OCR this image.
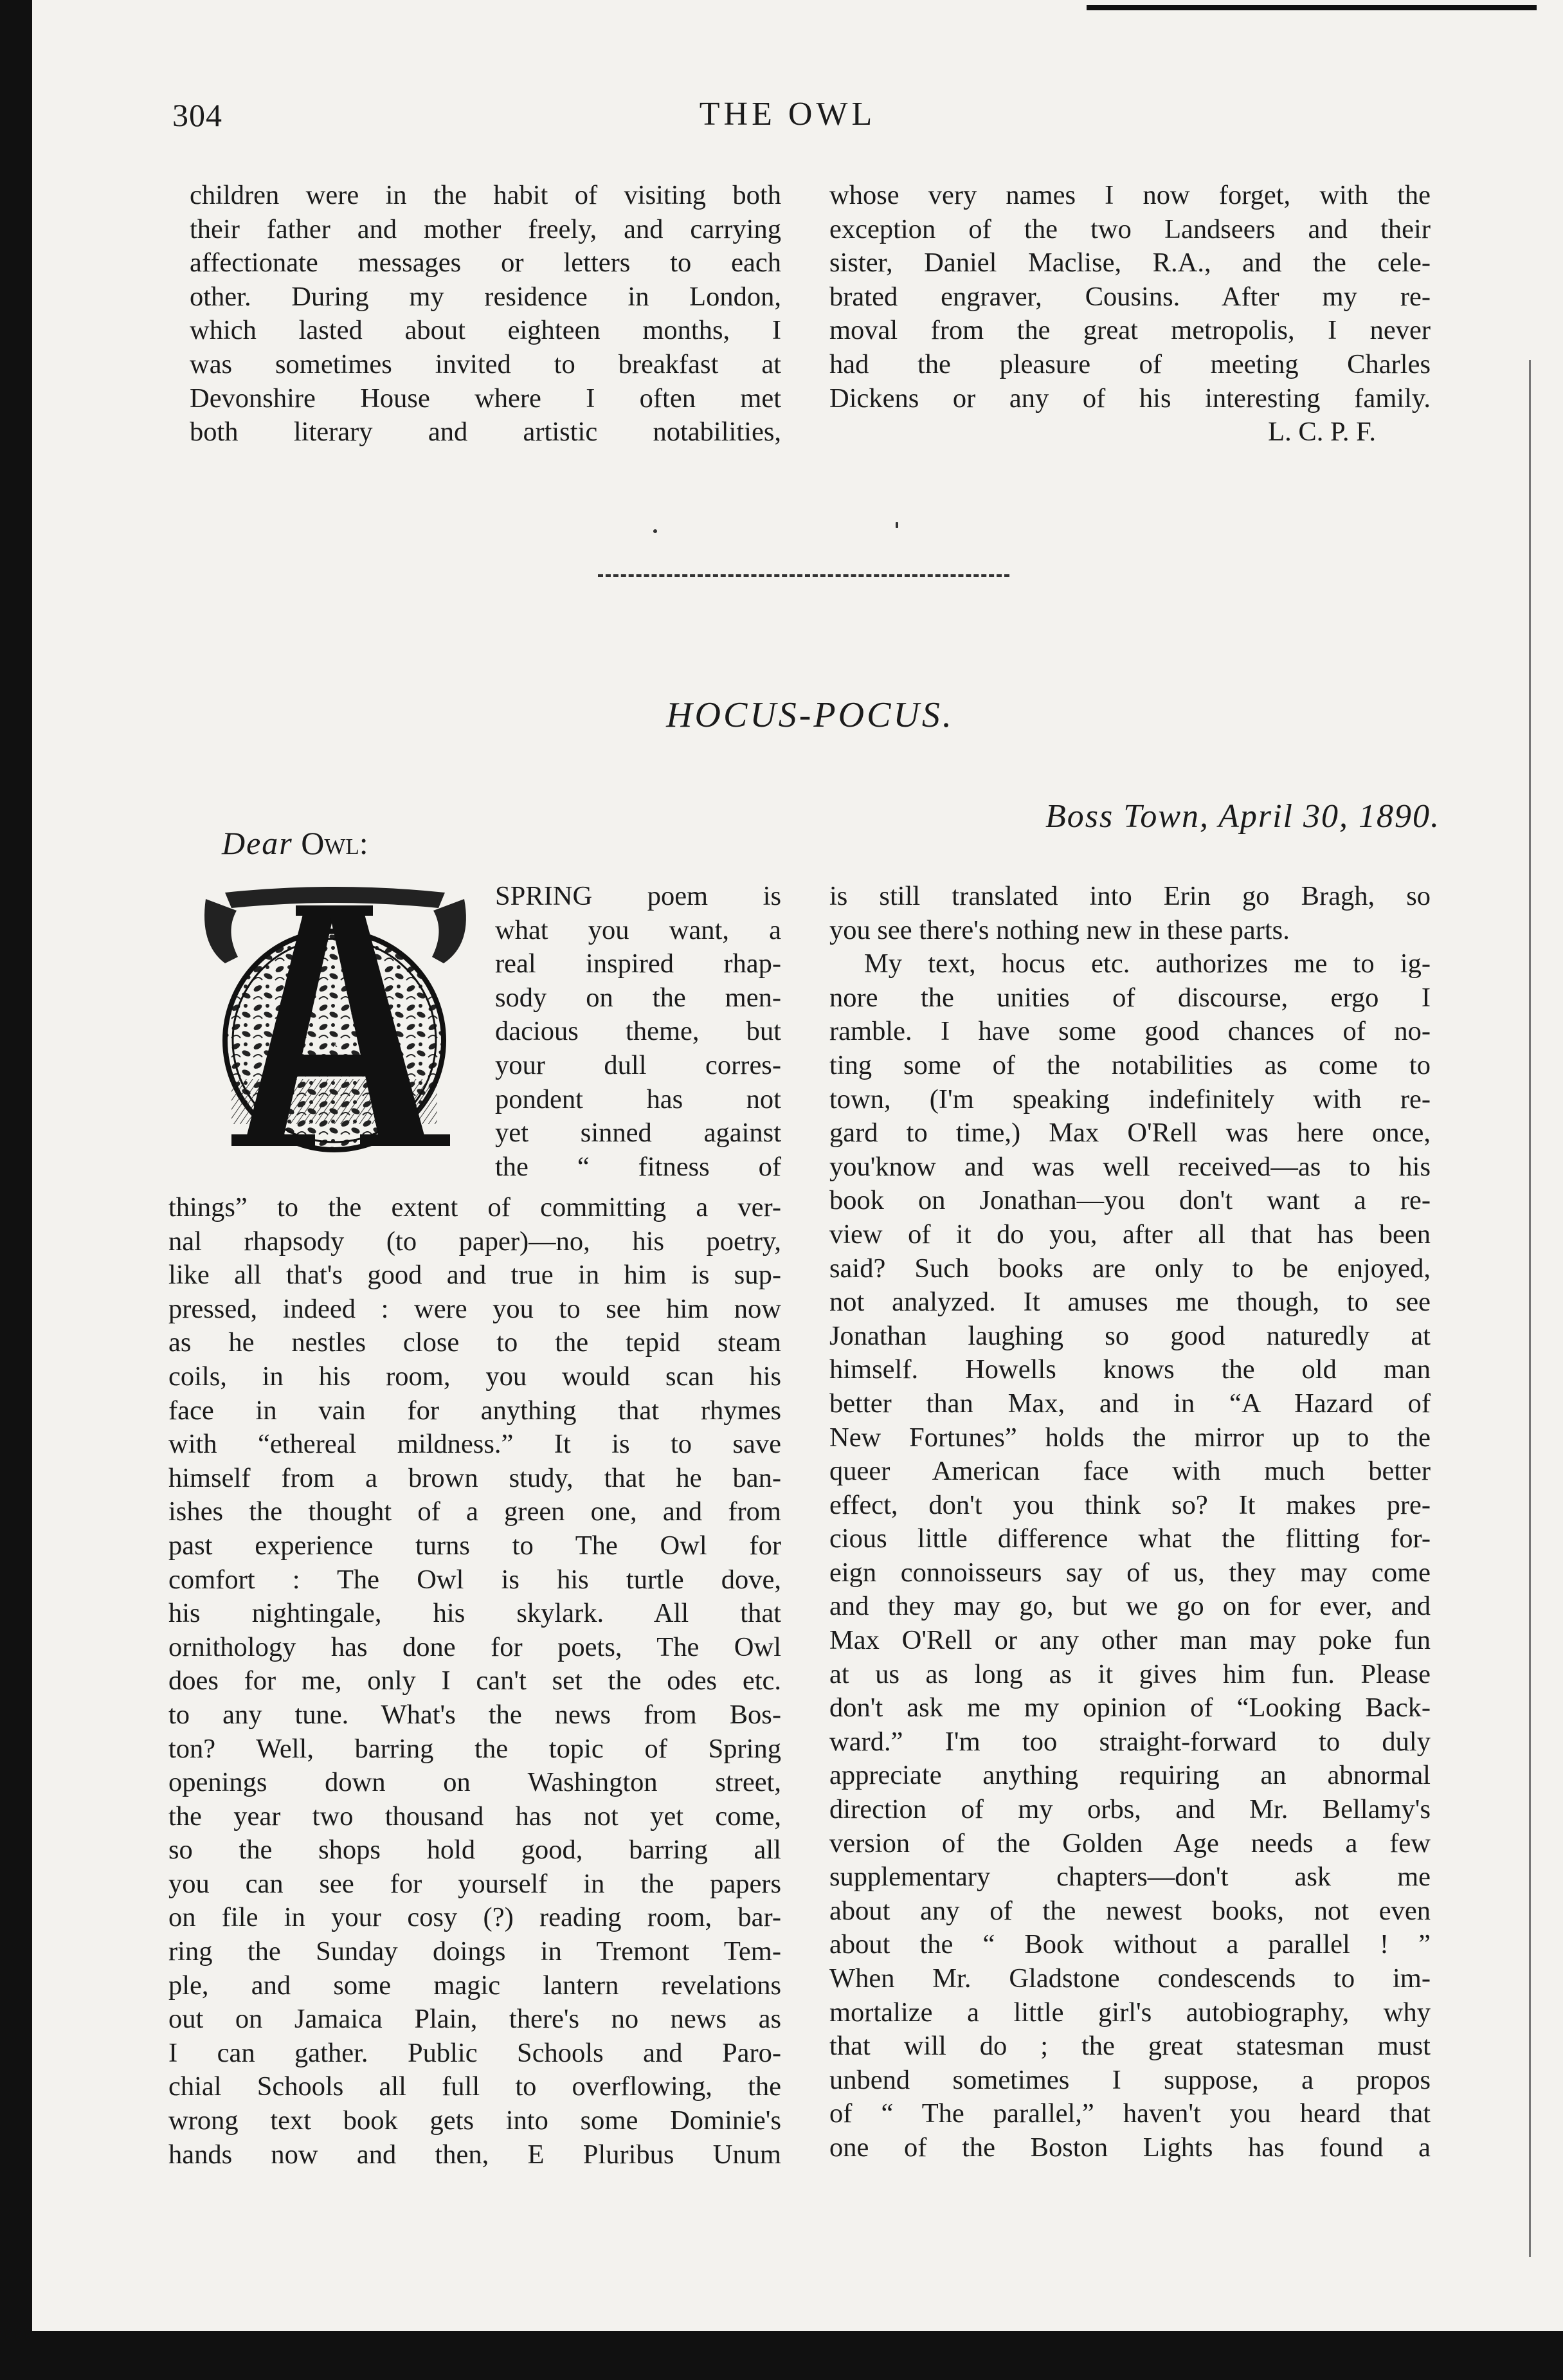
304	THE OWL
children were in the habit of visiting both
their father and mother freely, and carrying
affectionate messages or letters to each
other. During my residence in London,
which lasted about eighteen months, I
was sometimes invited to breakfast at
Devonshire House where I often met
both literary and artistic notabilities,
whose very names I now forget, with the
exception of the two Landseers and their
sister, Daniel Maclise, R.A., and the cele-
brated engraver, Cousins. After my re-
moval from the great metropolis, I never
had the pleasure of meeting Charles
Dickens or any of his interesting family.
L. C. P. F.
HOCUS-POCUS.
Boss Town, April 30, 1890.
Dear Owl:
A
SPRING poem is
what you want, a
real inspired rhap-
sody on the men-
dacious theme, but
your dull corres-
pondent has not
yet sinned against
the “ fitness of
things” to the extent of committing a ver-
nal rhapsody (to paper)—no, his poetry,
like all that's good and true in him is sup-
pressed, indeed : were you to see him now
as he nestles close to the tepid steam
coils, in his room, you would scan his
face in vain for anything that rhymes
with “ethereal mildness.” It is to save
himself from a brown study, that he ban-
ishes the thought of a green one, and from
past experience turns to The Owl for
comfort : The Owl is his turtle dove,
his nightingale, his skylark. All that
ornithology has done for poets, The Owl
does for me, only I can't set the odes etc.
to any tune. What's the news from Bos-
ton? Well, barring the topic of Spring
openings down on Washington street,
the year two thousand has not yet come,
so the shops hold good, barring all
you can see for yourself in the papers
on file in your cosy (?) reading room, bar-
ring the Sunday doings in Tremont Tem-
ple, and some magic lantern revelations
out on Jamaica Plain, there's no news as
I can gather. Public Schools and Paro-
chial Schools all full to overflowing, the
wrong text book gets into some Dominie's
hands now and then, E Pluribus Unum
is still translated into Erin go Bragh, so
you see there's nothing new in these parts.
My text, hocus etc. authorizes me to ig-
nore the unities of discourse, ergo I
ramble. I have some good chances of no-
ting some of the notabilities as come to
town, (I'm speaking indefinitely with re-
gard to time,) Max O'Rell was here once,
you'know and was well received—as to his
book on Jonathan—you don't want a re-
view of it do you, after all that has been
said? Such books are only to be enjoyed,
not analyzed. It amuses me though, to see
Jonathan laughing so good naturedly at
himself. Howells knows the old man
better than Max, and in “A Hazard of
New Fortunes” holds the mirror up to the
queer American face with much better
effect, don't you think so? It makes pre-
cious little difference what the flitting for-
eign connoisseurs say of us, they may come
and they may go, but we go on for ever, and
Max O'Rell or any other man may poke fun
at us as long as it gives him fun. Please
don't ask me my opinion of “Looking Back-
ward.” I'm too straight-forward to duly
appreciate anything requiring an abnormal
direction of my orbs, and Mr. Bellamy's
version of the Golden Age needs a few
supplementary chapters—don't ask me
about any of the newest books, not even
about the “ Book without a parallel ! ”
When Mr. Gladstone condescends to im-
mortalize a little girl's autobiography, why
that will do ; the great statesman must
unbend sometimes I suppose, a propos
of “ The parallel,” haven't you heard that
one of the Boston Lights has found a
